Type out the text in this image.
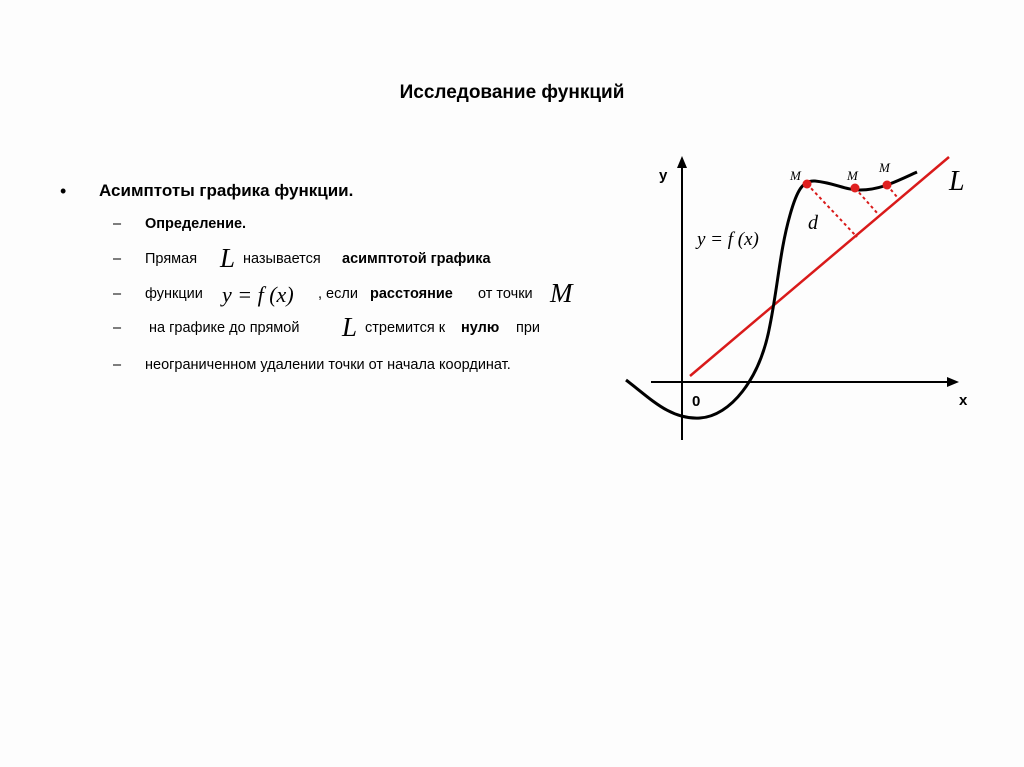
Исследование функций
• Асимптоты графика функции.
– Определение.
– Прямая L называется асимптотой графика
– функции y = f (x) , если расстояние от точки M
– на графике до прямой L стремится к нулю при
– неограниченном удалении точки от начала координат.
y
x
0
L
y = f (x)
d
M	M
M
